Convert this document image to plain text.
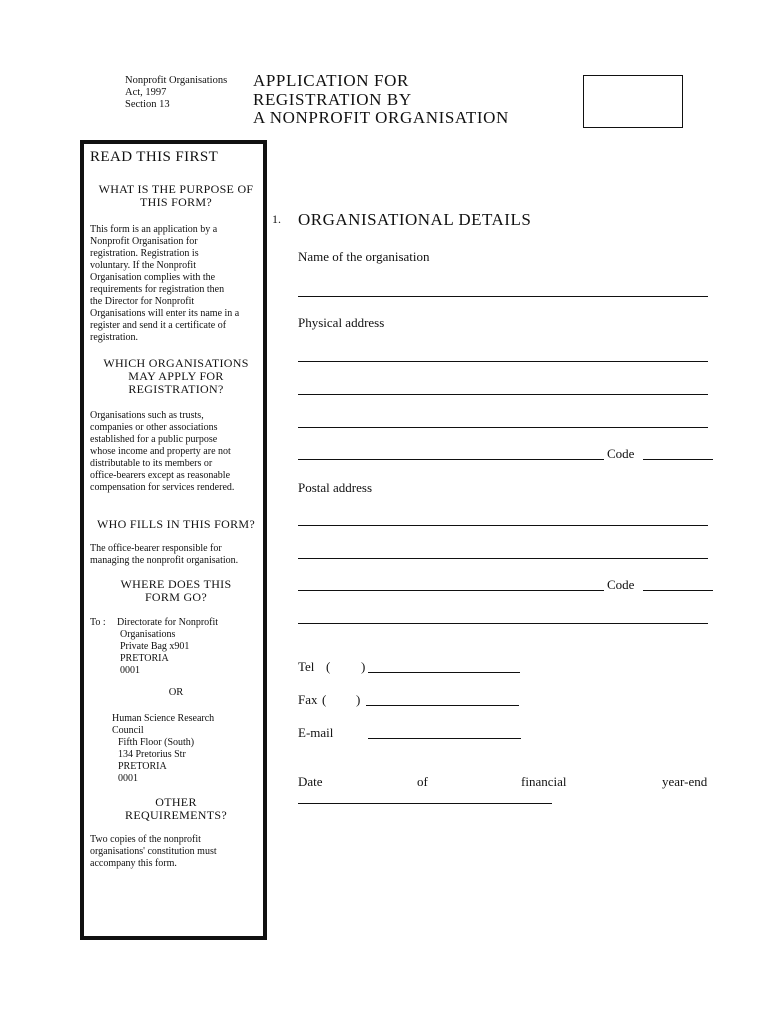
Nonprofit Organisations
Act, 1997
Section 13
APPLICATION FOR
REGISTRATION BY
A NONPROFIT ORGANISATION
READ THIS FIRST
WHAT IS THE PURPOSE OF
THIS FORM?
This form is an application by a
Nonprofit Organisation for
registration. Registration is
voluntary. If the Nonprofit
Organisation complies with the
requirements for registration then
the Director for Nonprofit
Organisations will enter its name in a
register and send it a certificate of
registration.
WHICH ORGANISATIONS
MAY APPLY FOR
REGISTRATION?
Organisations such as trusts,
companies or other associations
established for a public purpose
whose income and property are not
distributable to its members or
office-bearers except as reasonable
compensation for services rendered.
WHO FILLS IN THIS FORM?
The office-bearer responsible for
managing the nonprofit organisation.
WHERE DOES THIS
FORM GO?
To : Directorate for Nonprofit
Organisations
Private Bag x901
PRETORIA
0001
OR
Human Science Research
Council
Fifth Floor (South)
134 Pretorius Str
PRETORIA
0001
OTHER
REQUIREMENTS?
Two copies of the nonprofit
organisations' constitution must
accompany this form.
1. ORGANISATIONAL DETAILS
Name of the organisation
Physical address
Code
Postal address
Code
Tel ( )
Fax ( )
E-mail
Date	of	financial	year-end
